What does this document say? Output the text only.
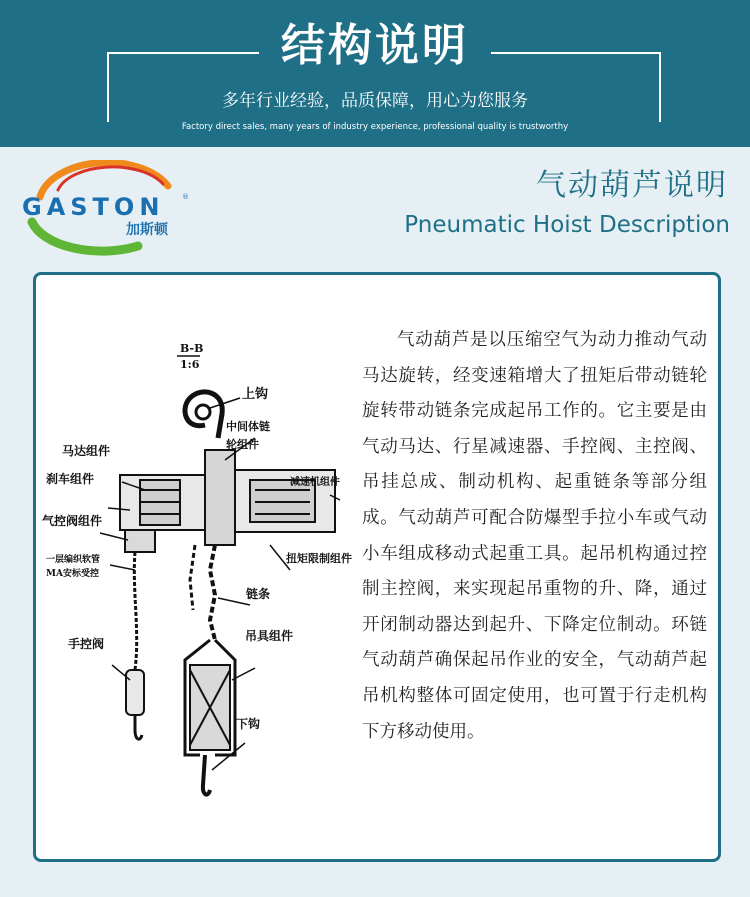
结构说明
多年行业经验，品质保障，用心为您服务
Factory direct sales, many years of industry experience, professional quality is trustworthy
GASTON	®
加斯顿
气动葫芦说明
Pneumatic Hoist Description
B-B
1:6
上钩
中间体链
轮组件
马达组件
刹车组件	减速机组件
气控阀组件
一层编织软管
MA安标受控
扭矩限制组件
链条
手控阀
吊具组件
下钩

气动葫芦是以压缩空气为动力推动气动马达旋转，经变速箱增大了扭矩后带动链轮旋转带动链条完成起吊工作的。它主要是由气动马达、行星减速器、手控阀、主控阀、吊挂总成、制动机构、起重链条等部分组成。气动葫芦可配合防爆型手拉小车或气动小车组成移动式起重工具。起吊机构通过控制主控阀，来实现起吊重物的升、降，通过开闭制动器达到起升、下降定位制动。环链气动葫芦确保起吊作业的安全，气动葫芦起吊机构整体可固定使用，也可置于行走机构下方移动使用。
